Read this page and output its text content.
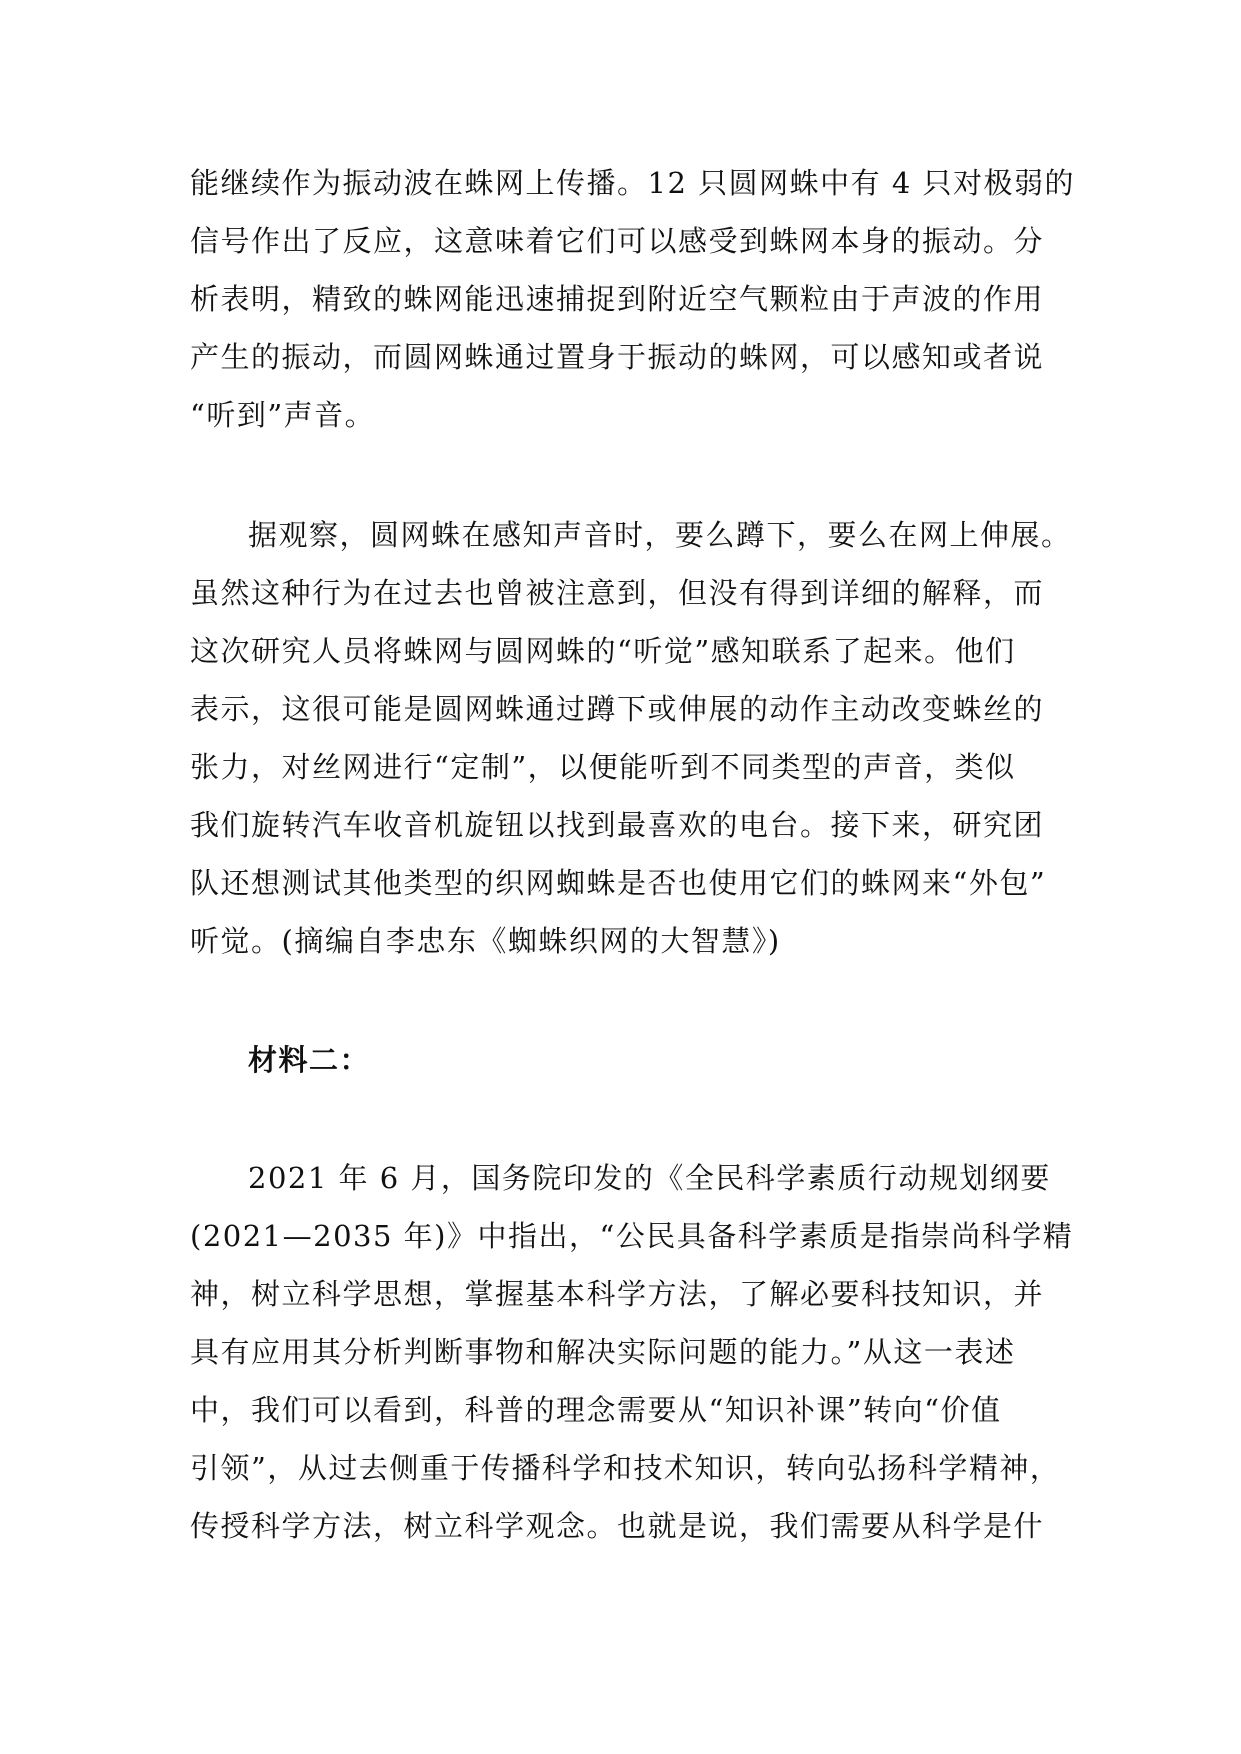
能继续作为振动波在蛛网上传播。12 只圆网蛛中有 4 只对极弱的
信号作出了反应，这意味着它们可以感受到蛛网本身的振动。分
析表明，精致的蛛网能迅速捕捉到附近空气颗粒由于声波的作用
产生的振动，而圆网蛛通过置身于振动的蛛网，可以感知或者说
“听到”声音。
据观察，圆网蛛在感知声音时，要么蹲下，要么在网上伸展。
虽然这种行为在过去也曾被注意到，但没有得到详细的解释，而
这次研究人员将蛛网与圆网蛛的“听觉”感知联系了起来。他们
表示，这很可能是圆网蛛通过蹲下或伸展的动作主动改变蛛丝的
张力，对丝网进行“定制”，以便能听到不同类型的声音，类似
我们旋转汽车收音机旋钮以找到最喜欢的电台。接下来，研究团
队还想测试其他类型的织网蜘蛛是否也使用它们的蛛网来“外包”
听觉。(摘编自李忠东《蜘蛛织网的大智慧》)
材料二：
2021 年 6 月，国务院印发的《全民科学素质行动规划纲要
(2021—2035 年)》中指出，“公民具备科学素质是指崇尚科学精
神，树立科学思想，掌握基本科学方法，了解必要科技知识，并
具有应用其分析判断事物和解决实际问题的能力。”从这一表述
中，我们可以看到，科普的理念需要从“知识补课”转向“价值
引领”，从过去侧重于传播科学和技术知识，转向弘扬科学精神，
传授科学方法，树立科学观念。也就是说，我们需要从科学是什
